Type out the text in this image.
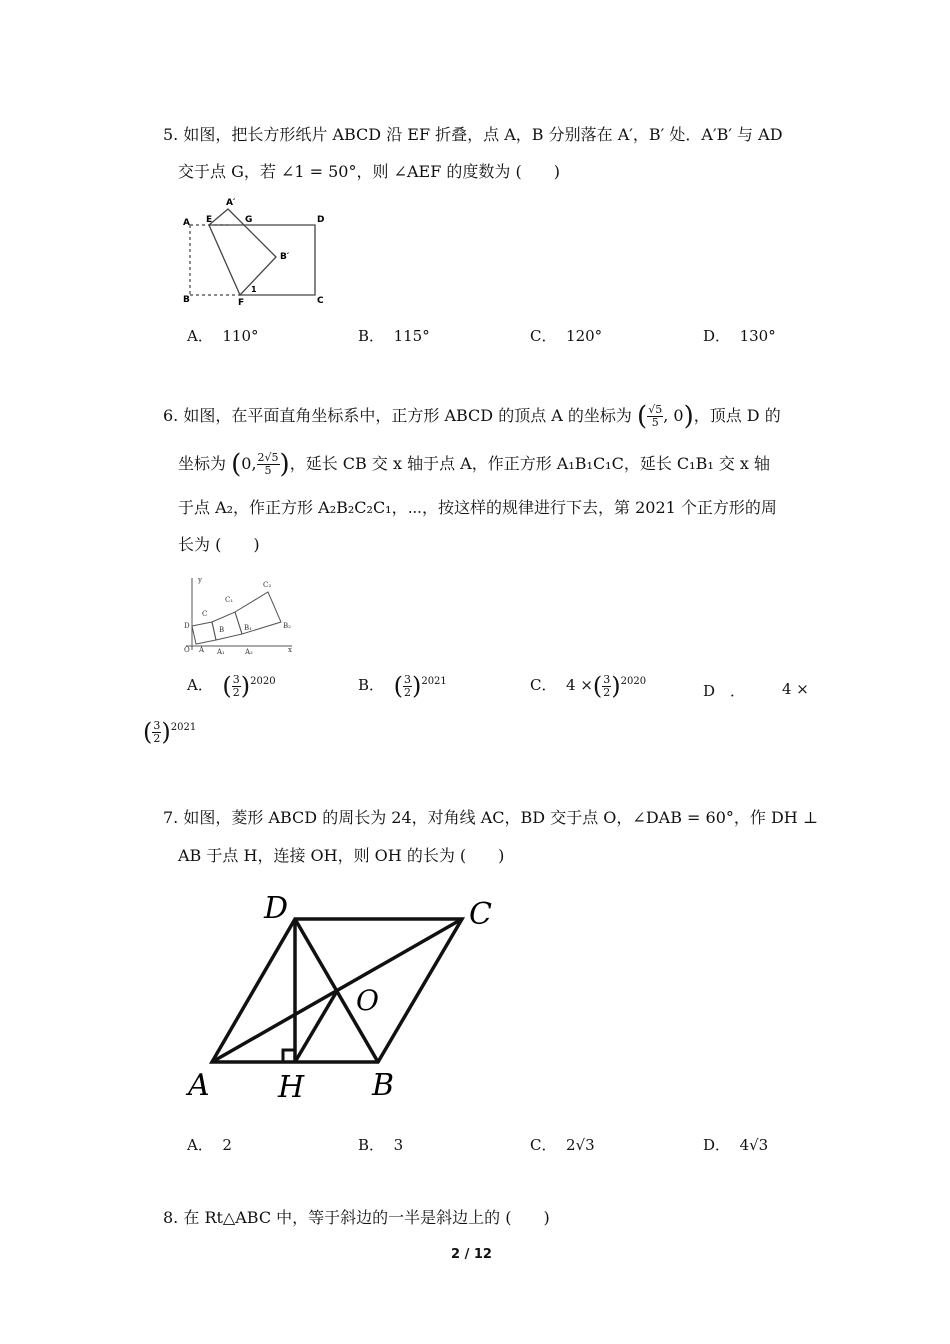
5. 如图，把长方形纸片 ABCD 沿 EF 折叠，点 A，B 分别落在 A′，B′ 处．A′B′ 与 AD
交于点 G，若 ∠1 = 50°，则 ∠AEF 的度数为 (　　)
A E
A′
G	D
B′
B	F
1
C
A． 110°	B． 115°	C． 120°	D． 130°
6. 如图，在平面直角坐标系中，正方形 ABCD 的顶点 A 的坐标为 ( $\frac{√5}{5}$ , 0)，顶点 D 的
坐标为 (0, $\frac{2√5}{5}$ )，延长 CB 交 x 轴于点 A，作正方形 A₁B₁C₁C，延长 C₁B₁ 交 x 轴
于点 A₂，作正方形 A₂B₂C₂C₁，⋯，按这样的规律进行下去，第 2021 个正方形的周
长为 (　　)
y
C₂
C₁
C
D	B	B₁	B₂
O A A₁	A₂	x
A． ( $\frac{3}{2} )^{2020}$	B． ( $\frac{3}{2} )^{2021}$	C． 4 ×( $\frac{3}{2} )^{2020}$
D　． 4 ×
( $\frac{3}{2} )^{2021}$
7. 如图，菱形 ABCD 的周长为 24，对角线 AC，BD 交于点 O，∠DAB = 60°，作 DH ⊥
AB 于点 H，连接 OH，则 OH 的长为 (　　)
D	C
O
A H B
A． 2	B． 3	C． 2√3	D． 4√3
8. 在 Rt△ABC 中，等于斜边的一半是斜边上的 (　　)
2 / 12
